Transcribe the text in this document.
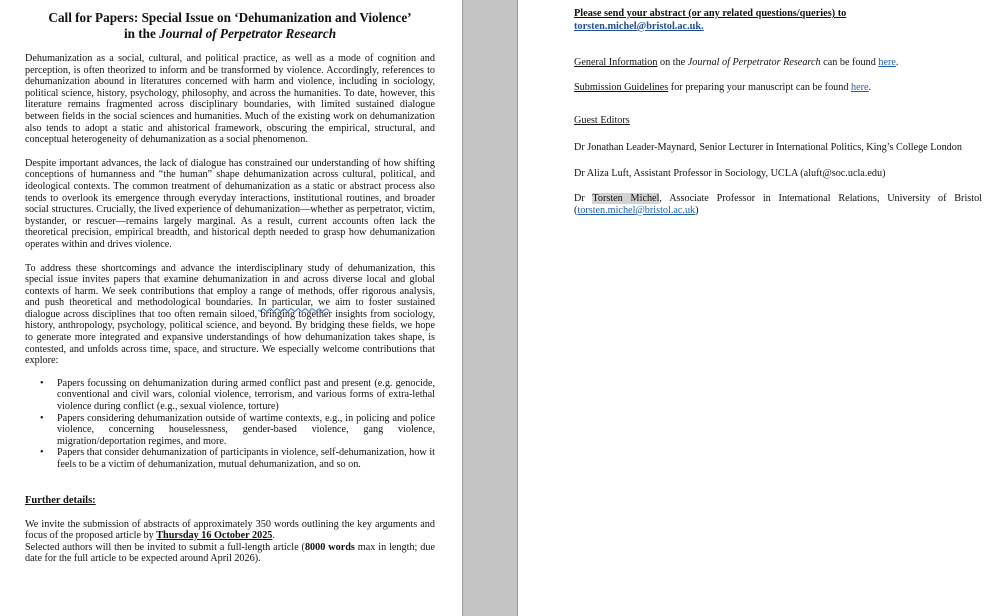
Call for Papers: Special Issue on ‘Dehumanization and Violence’
in the Journal of Perpetrator Research

Dehumanization as a social, cultural, and political practice, as well as a mode of cognition and perception, is often theorized to inform and be transformed by violence. Accordingly, references to dehumanization abound in literatures concerned with harm and violence, including in sociology, political science, history, psychology, philosophy, and across the humanities. To date, however, this literature remains fragmented across disciplinary boundaries, with limited sustained dialogue between fields in the social sciences and humanities. Much of the existing work on dehumanization also tends to adopt a static and ahistorical framework, obscuring the empirical, structural, and conceptual heterogeneity of dehumanization as a social phenomenon.

Despite important advances, the lack of dialogue has constrained our understanding of how shifting conceptions of humanness and “the human” shape dehumanization across cultural, political, and ideological contexts. The common treatment of dehumanization as a static or abstract process also tends to overlook its emergence through everyday interactions, institutional routines, and broader social structures. Crucially, the lived experience of dehumanization—whether as perpetrator, victim, bystander, or rescuer—remains largely marginal. As a result, current accounts often lack the theoretical precision, empirical breadth, and historical depth needed to grasp how dehumanization operates within and drives violence.

To address these shortcomings and advance the interdisciplinary study of dehumanization, this special issue invites papers that examine dehumanization in and across diverse local and global contexts of harm. We seek contributions that employ a range of methods, offer rigorous analysis, and push theoretical and methodological boundaries. In particular, we aim to foster sustained dialogue across disciplines that too often remain siloed, bringing together insights from sociology, history, anthropology, psychology, political science, and beyond. By bridging these fields, we hope to generate more integrated and expansive understandings of how dehumanization takes shape, is contested, and unfolds across time, space, and structure. We especially welcome contributions that explore:

• Papers focussing on dehumanization during armed conflict past and present (e.g. genocide, conventional and civil wars, colonial violence, terrorism, and various forms of extra-lethal violence during conflict (e.g., sexual violence, torture)
• Papers considering dehumanization outside of wartime contexts, e.g., in policing and police violence, concerning houselessness, gender-based violence, gang violence, migration/deportation regimes, and more.
• Papers that consider dehumanization of participants in violence, self-dehumanization, how it feels to be a victim of dehumanization, mutual dehumanization, and so on.

Further details:

We invite the submission of abstracts of approximately 350 words outlining the key arguments and focus of the proposed article by Thursday 16 October 2025.

Selected authors will then be invited to submit a full-length article (8000 words max in length; due date for the full article to be expected around April 2026).

Please send your abstract (or any related questions/queries) to

torsten.michel@bristol.ac.uk.

General Information on the Journal of Perpetrator Research can be found here.

Submission Guidelines for preparing your manuscript can be found here.

Guest Editors

Dr Jonathan Leader-Maynard, Senior Lecturer in International Politics, King’s College London

Dr Aliza Luft, Assistant Professor in Sociology, UCLA (aluft@soc.ucla.edu)

Dr Torsten Michel, Associate Professor in International Relations, University of Bristol (torsten.michel@bristol.ac.uk)
